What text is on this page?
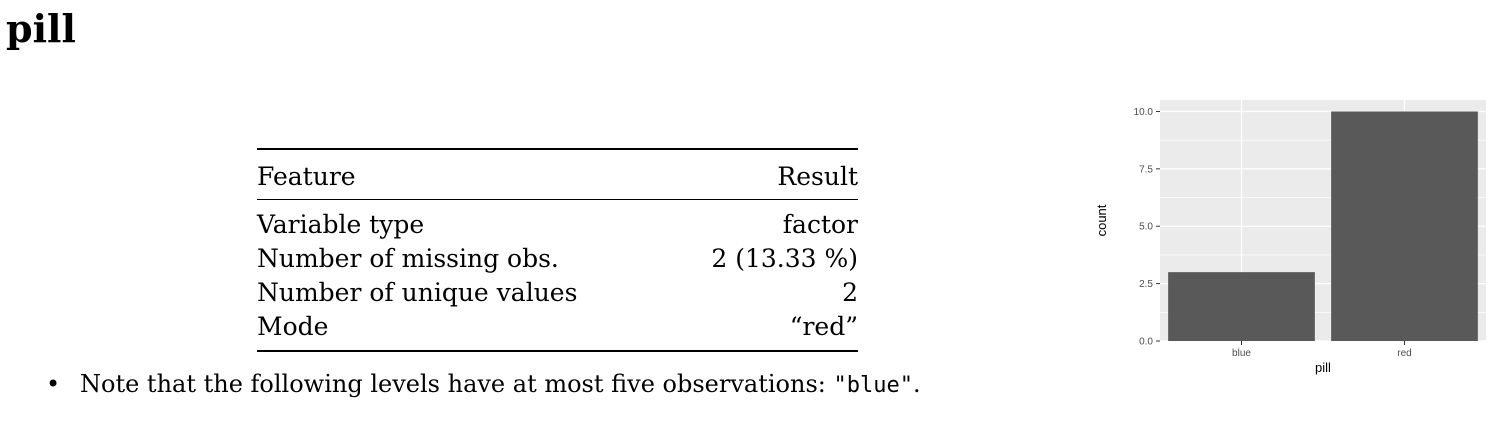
pill
Feature	Result
Variable type	factor
Number of missing obs.	2 (13.33 %)
Number of unique values	2
Mode	“red”
• Note that the following levels have at most five observations: "blue".
0.0
2.5
5.0
7.5
10.0
blue	red
pill
count
